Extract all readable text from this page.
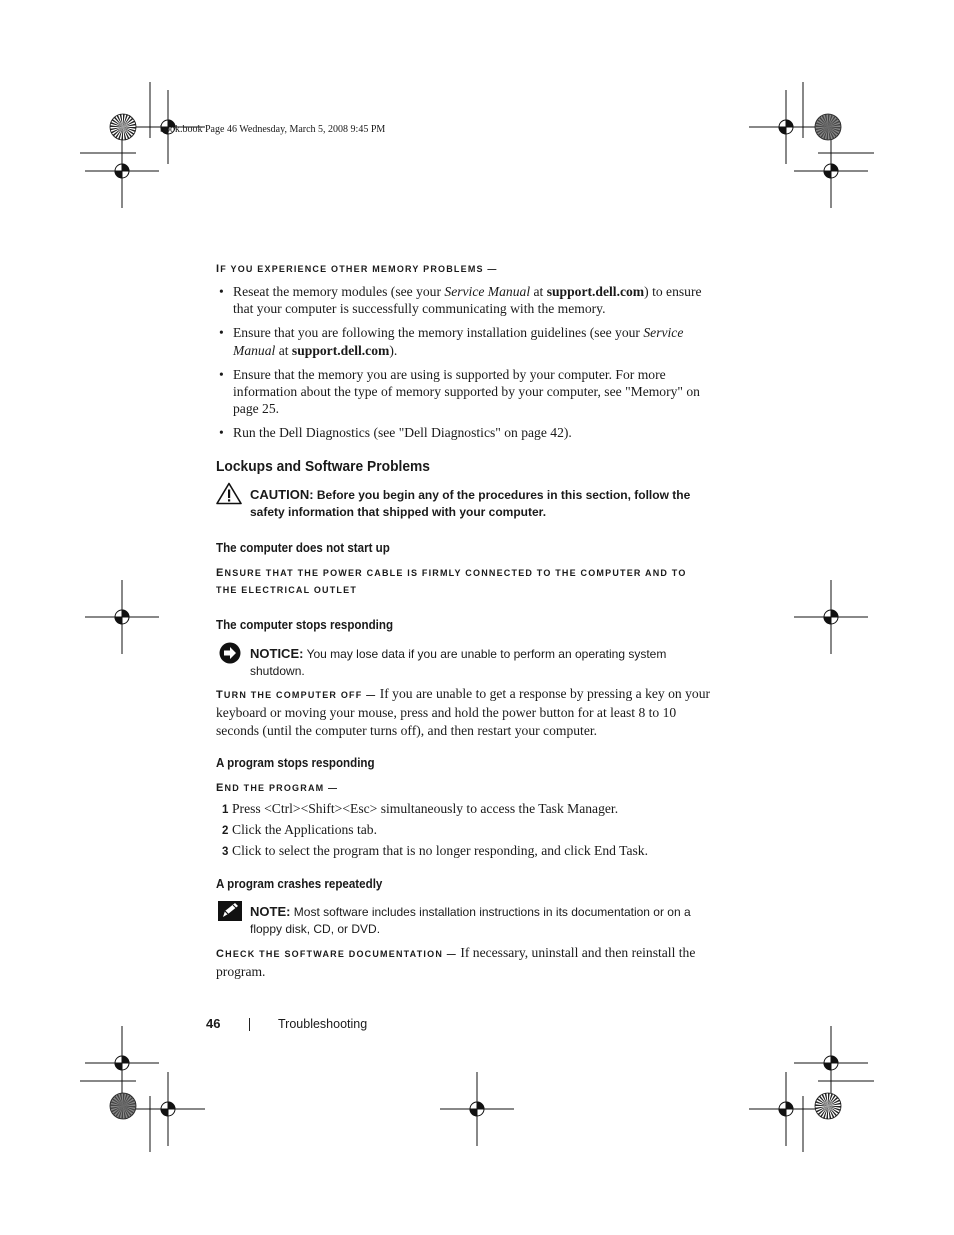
book.book Page 46 Wednesday, March 5, 2008 9:45 PM
IF YOU EXPERIENCE OTHER MEMORY PROBLEMS —
• Reseat the memory modules (see your Service Manual at support.dell.com) to ensure that your computer is successfully communicating with the memory.
• Ensure that you are following the memory installation guidelines (see your Service Manual at support.dell.com).
• Ensure that the memory you are using is supported by your computer. For more information about the type of memory supported by your computer, see "Memory" on page 25.
• Run the Dell Diagnostics (see "Dell Diagnostics" on page 42).
Lockups and Software Problems
CAUTION: Before you begin any of the procedures in this section, follow the safety information that shipped with your computer.
The computer does not start up
ENSURE THAT THE POWER CABLE IS FIRMLY CONNECTED TO THE COMPUTER AND TO
THE ELECTRICAL OUTLET
The computer stops responding
NOTICE: You may lose data if you are unable to perform an operating system shutdown.
TURN THE COMPUTER OFF — If you are unable to get a response by pressing a key on your keyboard or moving your mouse, press and hold the power button for at least 8 to 10 seconds (until the computer turns off), and then restart your computer.
A program stops responding
END THE PROGRAM —
1 Press <Ctrl><Shift><Esc> simultaneously to access the Task Manager.
2 Click the Applications tab.
3 Click to select the program that is no longer responding, and click End Task.
A program crashes repeatedly
NOTE: Most software includes installation instructions in its documentation or on a floppy disk, CD, or DVD.
CHECK THE SOFTWARE DOCUMENTATION — If necessary, uninstall and then reinstall the program.
46	Troubleshooting
